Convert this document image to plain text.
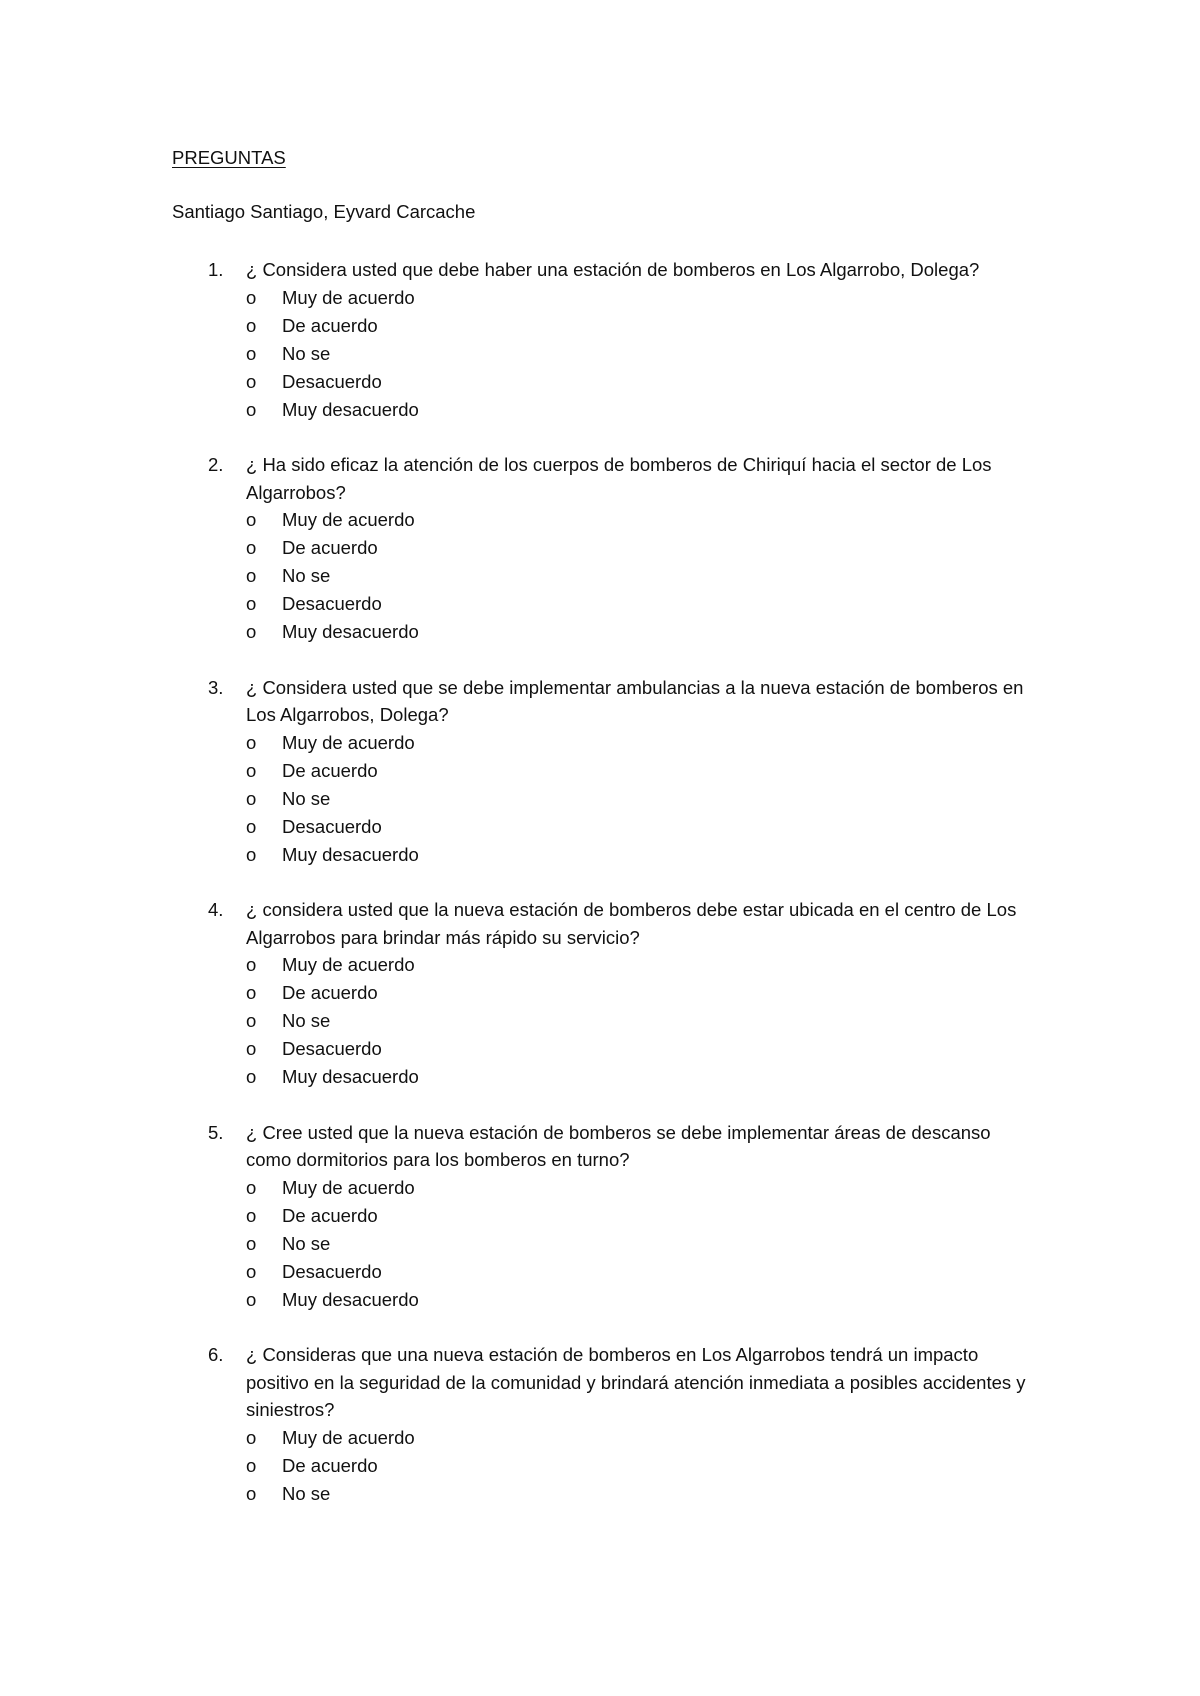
PREGUNTAS

Santiago Santiago, Eyvard Carcache

1. ¿ Considera usted que debe haber una estación de bomberos en Los Algarrobo, Dolega?
o Muy de acuerdo
o De acuerdo
o No se
o Desacuerdo
o Muy desacuerdo
2. ¿ Ha sido eficaz la atención de los cuerpos de bomberos de Chiriquí hacia el sector de Los Algarrobos?
o Muy de acuerdo
o De acuerdo
o No se
o Desacuerdo
o Muy desacuerdo
3. ¿ Considera usted que se debe implementar ambulancias a la nueva estación de bomberos en Los Algarrobos, Dolega?
o Muy de acuerdo
o De acuerdo
o No se
o Desacuerdo
o Muy desacuerdo
4. ¿ considera usted que la nueva estación de bomberos debe estar ubicada en el centro de Los Algarrobos para brindar más rápido su servicio?
o Muy de acuerdo
o De acuerdo
o No se
o Desacuerdo
o Muy desacuerdo
5. ¿ Cree usted que la nueva estación de bomberos se debe implementar áreas de descanso como dormitorios para los bomberos en turno?
o Muy de acuerdo
o De acuerdo
o No se
o Desacuerdo
o Muy desacuerdo
6. ¿ Consideras que una nueva estación de bomberos en Los Algarrobos tendrá un impacto positivo en la seguridad de la comunidad y brindará atención inmediata a posibles accidentes y siniestros?
o Muy de acuerdo
o De acuerdo
o No se
